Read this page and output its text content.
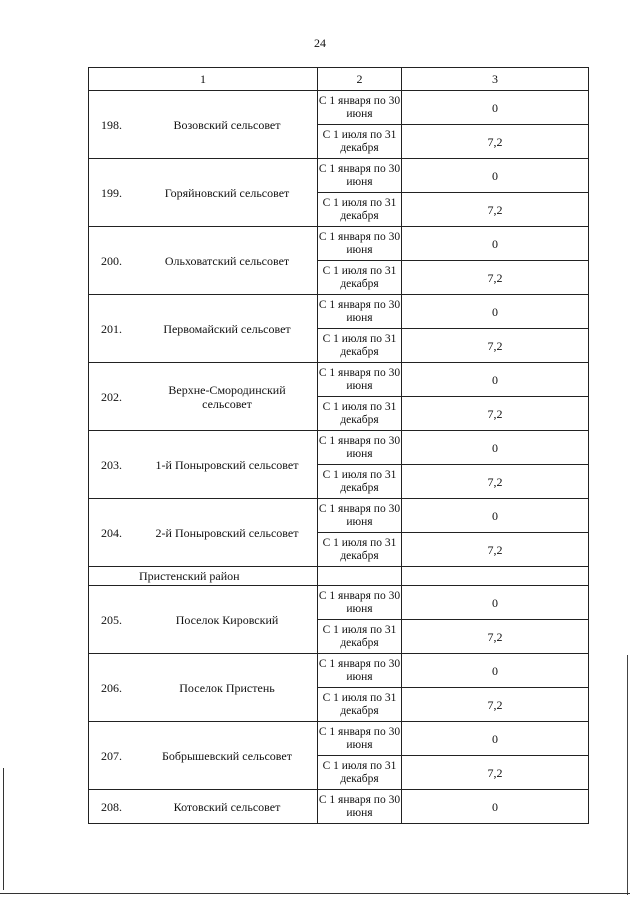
24
1	2	3

198. Возовский сельсовет	С 1 января по 30 июня	0
	С 1 июля по 31 декабря	7,2

199. Горяйновский сельсовет	С 1 января по 30 июня	0
	С 1 июля по 31 декабря	7,2

200. Ольховатский сельсовет	С 1 января по 30 июня	0
	С 1 июля по 31 декабря	7,2

201. Первомайский сельсовет	С 1 января по 30 июня	0
	С 1 июля по 31 декабря	7,2

202. Верхне-Смородинский сельсовет	С 1 января по 30 июня	0
	С 1 июля по 31 декабря	7,2

203. 1-й Поныровский сельсовет	С 1 января по 30 июня	0
	С 1 июля по 31 декабря	7,2

204. 2-й Поныровский сельсовет	С 1 января по 30 июня	0
	С 1 июля по 31 декабря	7,2

Пристенский район		

205. Поселок Кировский	С 1 января по 30 июня	0
	С 1 июля по 31 декабря	7,2

206. Поселок Пристень	С 1 января по 30 июня	0
	С 1 июля по 31 декабря	7,2

207. Бобрышевский сельсовет	С 1 января по 30 июня	0
	С 1 июля по 31 декабря	7,2

208. Котовский сельсовет	С 1 января по 30 июня	0
